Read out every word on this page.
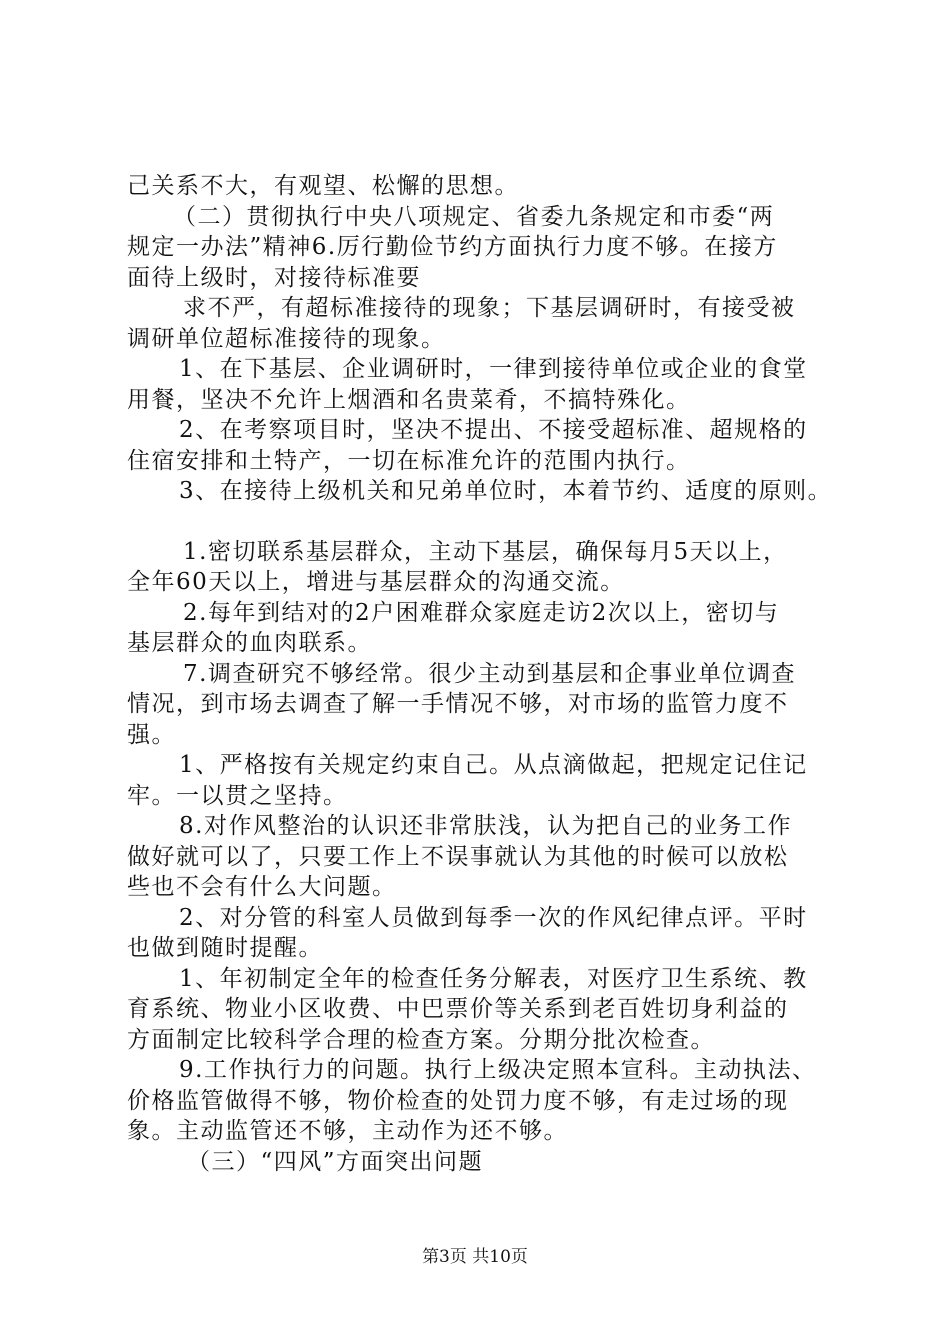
己关系不大，有观望、松懈的思想。

（二）贯彻执行中央八项规定、省委九条规定和市委“两

规定一办法”精神6.厉行勤俭节约方面执行力度不够。在接方

面待上级时，对接待标准要

求不严，有超标准接待的现象；下基层调研时，有接受被

调研单位超标准接待的现象。

1、在下基层、企业调研时，一律到接待单位或企业的食堂

用餐，坚决不允许上烟酒和名贵菜肴，不搞特殊化。

2、在考察项目时，坚决不提出、不接受超标准、超规格的

住宿安排和土特产，一切在标准允许的范围内执行。

3、在接待上级机关和兄弟单位时，本着节约、适度的原则。

1.密切联系基层群众，主动下基层，确保每月5天以上，

全年60天以上，增进与基层群众的沟通交流。

2.每年到结对的2户困难群众家庭走访2次以上，密切与

基层群众的血肉联系。

7.调查研究不够经常。很少主动到基层和企事业单位调查

情况，到市场去调查了解一手情况不够，对市场的监管力度不

强。

1、严格按有关规定约束自己。从点滴做起，把规定记住记

牢。一以贯之坚持。

8.对作风整治的认识还非常肤浅，认为把自己的业务工作

做好就可以了，只要工作上不误事就认为其他的时候可以放松

些也不会有什么大问题。

2、对分管的科室人员做到每季一次的作风纪律点评。平时

也做到随时提醒。

1、年初制定全年的检查任务分解表，对医疗卫生系统、教

育系统、物业小区收费、中巴票价等关系到老百姓切身利益的

方面制定比较科学合理的检查方案。分期分批次检查。

9.工作执行力的问题。执行上级决定照本宣科。主动执法、

价格监管做得不够，物价检查的处罚力度不够，有走过场的现

象。主动监管还不够，主动作为还不够。

（三）“四风”方面突出问题

第3页 共10页
